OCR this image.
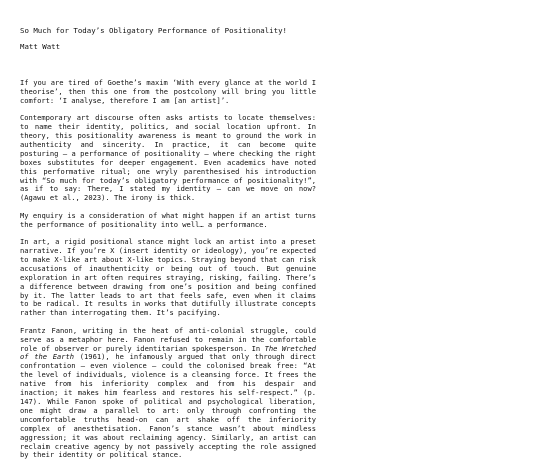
So Much for Today’s Obligatory Performance of Positionality!
Matt Watt

If you are tired of Goethe’s maxim ‘With every glance at the world I theorise’, then this one from the postcolony will bring you little comfort: ‘I analyse, therefore I am [an artist]’.

Contemporary art discourse often asks artists to locate themselves: to name their identity, politics, and social location upfront. In theory, this positionality awareness is meant to ground the work in authenticity and sincerity. In practice, it can become quite posturing – a performance of positionality – where checking the right boxes substitutes for deeper engagement. Even academics have noted this performative ritual; one wryly parenthesised his introduction with “So much for today’s obligatory performance of positionality!”, as if to say: There, I stated my identity – can we move on now? (Agawu et al., 2023). The irony is thick.

My enquiry is a consideration of what might happen if an artist turns the performance of positionality into well… a performance.

In art, a rigid positional stance might lock an artist into a preset narrative. If you’re X (insert identity or ideology), you’re expected to make X-like art about X-like topics. Straying beyond that can risk accusations of inauthenticity or being out of touch. But genuine exploration in art often requires straying, risking, failing. There’s a difference between drawing from one’s position and being confined by it. The latter leads to art that feels safe, even when it claims to be radical. It results in works that dutifully illustrate concepts rather than interrogating them. It’s pacifying.

Frantz Fanon, writing in the heat of anti-colonial struggle, could serve as a metaphor here. Fanon refused to remain in the comfortable role of observer or purely identitarian spokesperson. In The Wretched of the Earth (1961), he infamously argued that only through direct confrontation – even violence – could the colonised break free: “At the level of individuals, violence is a cleansing force. It frees the native from his inferiority complex and from his despair and inaction; it makes him fearless and restores his self-respect.” (p. 147). While Fanon spoke of political and psychological liberation, one might draw a parallel to art: only through confronting the uncomfortable truths head-on can art shake off the inferiority complex of anesthetisation. Fanon’s stance wasn’t about mindless aggression; it was about reclaiming agency. Similarly, an artist can reclaim creative agency by not passively accepting the role assigned by their identity or political stance.
